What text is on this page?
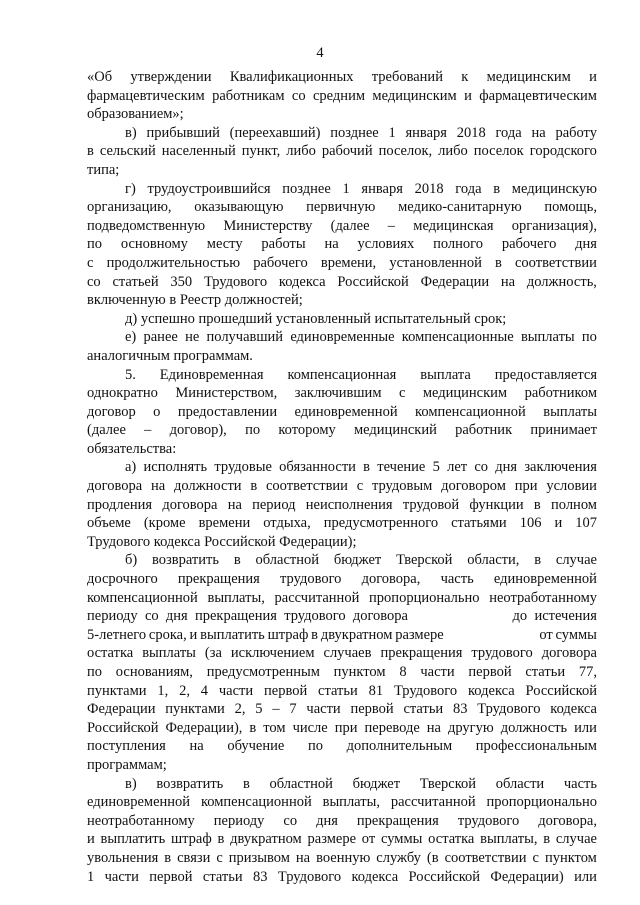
4
«Об утверждении Квалификационных требований к медицинским и
фармацевтическим работникам со средним медицинским и фармацевтическим
образованием»;
в) прибывший (переехавший) позднее 1 января 2018 года на работу
в сельский населенный пункт, либо рабочий поселок, либо поселок городского
типа;
г) трудоустроившийся позднее 1 января 2018 года в медицинскую
организацию, оказывающую первичную медико-санитарную помощь,
подведомственную Министерству (далее – медицинская организация),
по основному месту работы на условиях полного рабочего дня
с продолжительностью рабочего времени, установленной в соответствии
со статьей 350 Трудового кодекса Российской Федерации на должность,
включенную в Реестр должностей;
д) успешно прошедший установленный испытательный срок;
е) ранее не получавший единовременные компенсационные выплаты по
аналогичным программам.
5. Единовременная компенсационная выплата предоставляется
однократно Министерством, заключившим с медицинским работником
договор о предоставлении единовременной компенсационной выплаты
(далее – договор), по которому медицинский работник принимает
обязательства:
а) исполнять трудовые обязанности в течение 5 лет со дня заключения
договора на должности в соответствии с трудовым договором при условии
продления договора на период неисполнения трудовой функции в полном
объеме (кроме времени отдыха, предусмотренного статьями 106 и 107
Трудового кодекса Российской Федерации);
б) возвратить в областной бюджет Тверской области, в случае
досрочного прекращения трудового договора, часть единовременной
компенсационной выплаты, рассчитанной пропорционально неотработанному
периоду со дня прекращения трудового договора	до истечения
5-летнего срока, и выплатить штраф в двукратном размере	от суммы
остатка выплаты (за исключением случаев прекращения трудового договора
по основаниям, предусмотренным пунктом 8 части первой статьи 77,
пунктами 1, 2, 4 части первой статьи 81 Трудового кодекса Российской
Федерации пунктами 2, 5 – 7 части первой статьи 83 Трудового кодекса
Российской Федерации), в том числе при переводе на другую должность или
поступления на обучение по дополнительным профессиональным
программам;
в) возвратить в областной бюджет Тверской области часть
единовременной компенсационной выплаты, рассчитанной пропорционально
неотработанному периоду со дня прекращения трудового договора,
и выплатить штраф в двукратном размере от суммы остатка выплаты, в случае
увольнения в связи с призывом на военную службу (в соответствии с пунктом
1 части первой статьи 83 Трудового кодекса Российской Федерации) или
